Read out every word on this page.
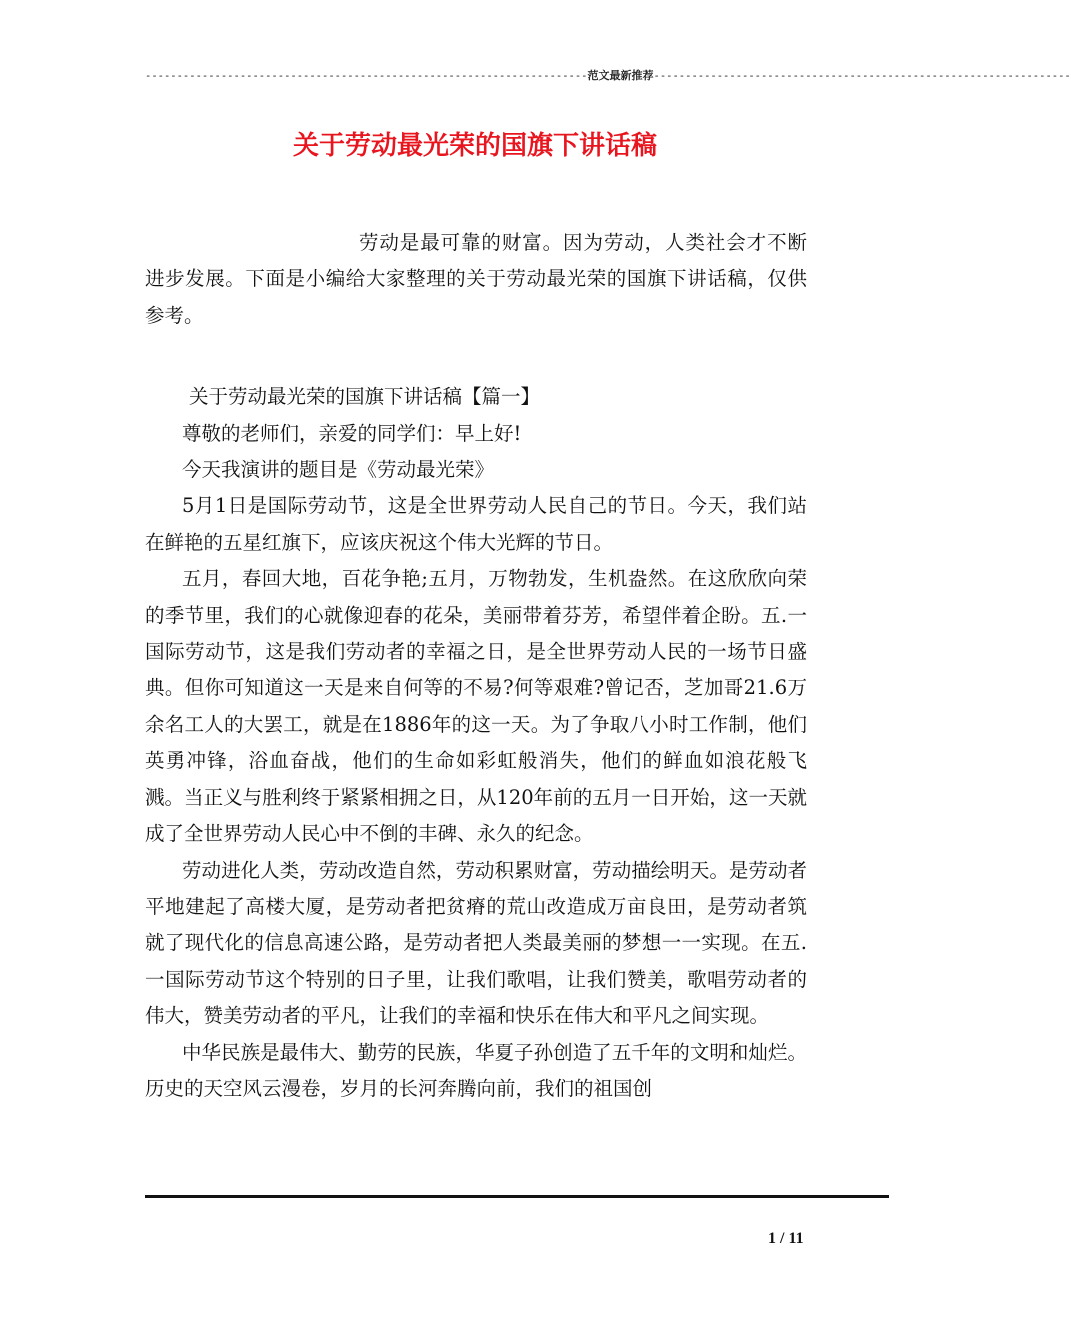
----------------------------------------------------------------------范文最新推荐------------------------------------------------------------------
关于劳动最光荣的国旗下讲话稿

劳动是最可靠的财富。因为劳动，人类社会才不断进步发展。下面是小编给大家整理的关于劳动最光荣的国旗下讲话稿，仅供参考。

关于劳动最光荣的国旗下讲话稿【篇一】

尊敬的老师们，亲爱的同学们：早上好!

今天我演讲的题目是《劳动最光荣》

5月1日是国际劳动节，这是全世界劳动人民自己的节日。今天，我们站在鲜艳的五星红旗下，应该庆祝这个伟大光辉的节日。

五月，春回大地，百花争艳;五月，万物勃发，生机盎然。在这欣欣向荣的季节里，我们的心就像迎春的花朵，美丽带着芬芳，希望伴着企盼。五.一国际劳动节，这是我们劳动者的幸福之日，是全世界劳动人民的一场节日盛典。但你可知道这一天是来自何等的不易?何等艰难?曾记否，芝加哥21.6万余名工人的大罢工，就是在1886年的这一天。为了争取八小时工作制，他们英勇冲锋，浴血奋战，他们的生命如彩虹般消失，他们的鲜血如浪花般飞溅。当正义与胜利终于紧紧相拥之日，从120年前的五月一日开始，这一天就成了全世界劳动人民心中不倒的丰碑、永久的纪念。

劳动进化人类，劳动改造自然，劳动积累财富，劳动描绘明天。是劳动者平地建起了高楼大厦，是劳动者把贫瘠的荒山改造成万亩良田，是劳动者筑就了现代化的信息高速公路，是劳动者把人类最美丽的梦想一一实现。在五.一国际劳动节这个特别的日子里，让我们歌唱，让我们赞美，歌唱劳动者的伟大，赞美劳动者的平凡，让我们的幸福和快乐在伟大和平凡之间实现。

中华民族是最伟大、勤劳的民族，华夏子孙创造了五千年的文明和灿烂。历史的天空风云漫卷，岁月的长河奔腾向前，我们的祖国创

1 / 11
